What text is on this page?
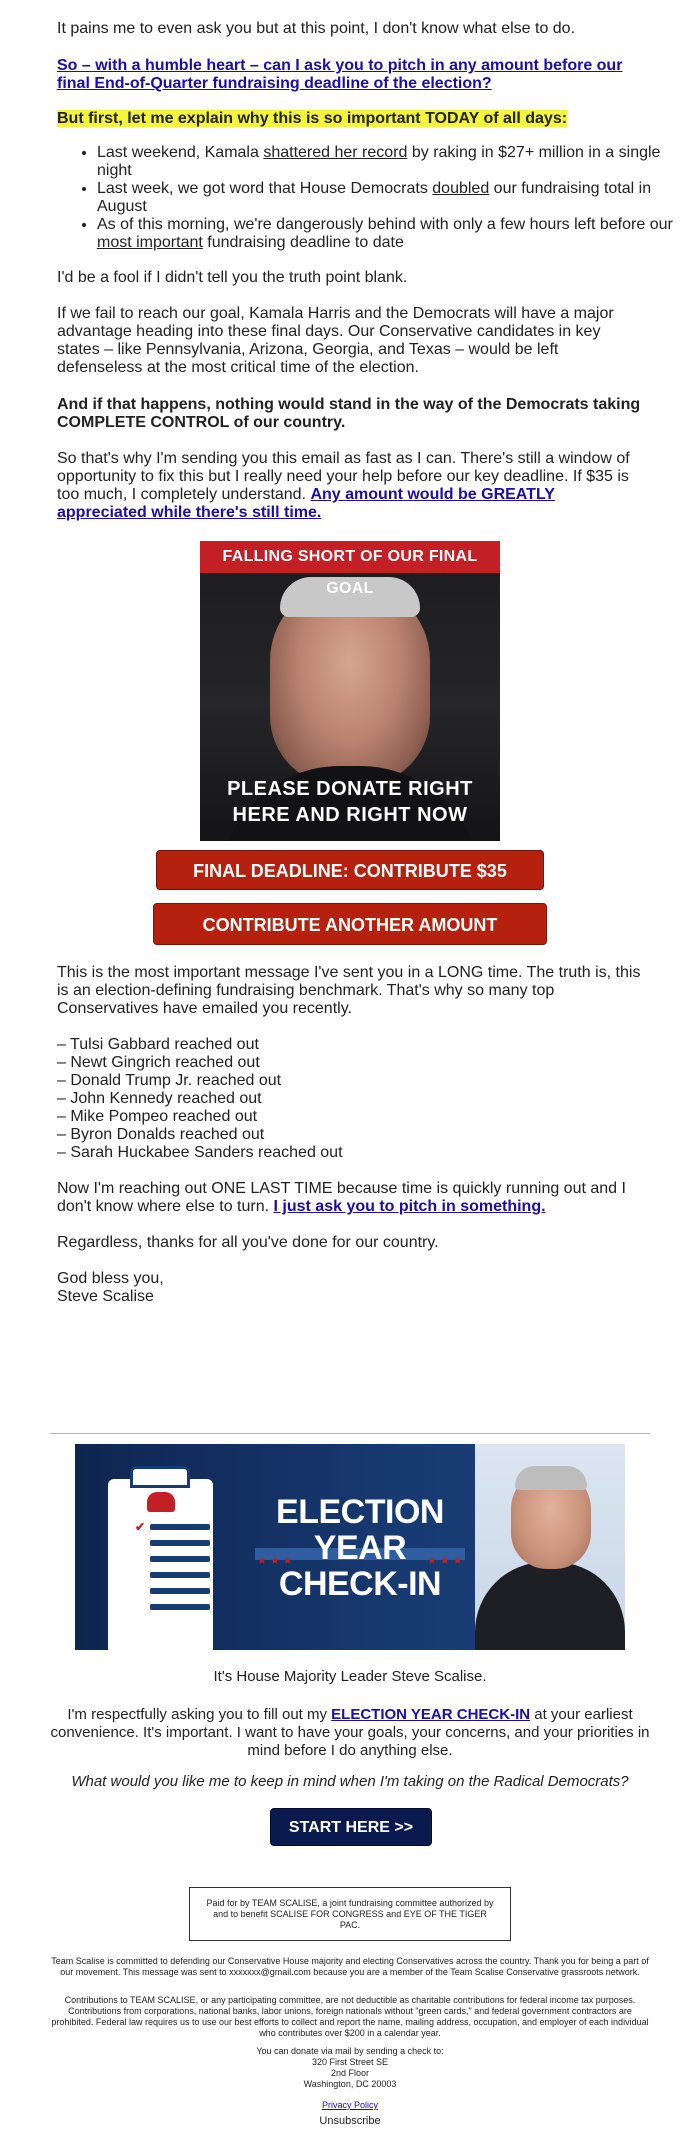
It pains me to even ask you but at this point, I don't know what else to do.

So – with a humble heart – can I ask you to pitch in any amount before our final End-of-Quarter fundraising deadline of the election?

But first, let me explain why this is so important TODAY of all days:

• Last weekend, Kamala shattered her record by raking in $27+ million in a single night
• Last week, we got word that House Democrats doubled our fundraising total in August
• As of this morning, we're dangerously behind with only a few hours left before our most important fundraising deadline to date

I'd be a fool if I didn't tell you the truth point blank.

If we fail to reach our goal, Kamala Harris and the Democrats will have a major advantage heading into these final days. Our Conservative candidates in key states – like Pennsylvania, Arizona, Georgia, and Texas – would be left defenseless at the most critical time of the election.

And if that happens, nothing would stand in the way of the Democrats taking COMPLETE CONTROL of our country.

So that's why I'm sending you this email as fast as I can. There's still a window of opportunity to fix this but I really need your help before our key deadline. If $35 is too much, I completely understand. Any amount would be GREATLY appreciated while there's still time.

FALLING SHORT OF OUR FINAL GOAL
PLEASE DONATE RIGHT
HERE AND RIGHT NOW
FINAL DEADLINE: CONTRIBUTE $35
CONTRIBUTE ANOTHER AMOUNT

This is the most important message I've sent you in a LONG time. The truth is, this is an election-defining fundraising benchmark. That's why so many top Conservatives have emailed you recently.

– Tulsi Gabbard reached out
– Newt Gingrich reached out
– Donald Trump Jr. reached out
– John Kennedy reached out
– Mike Pompeo reached out
– Byron Donalds reached out
– Sarah Huckabee Sanders reached out

Now I'm reaching out ONE LAST TIME because time is quickly running out and I don't know where else to turn. I just ask you to pitch in something.

Regardless, thanks for all you've done for our country.

God bless you,
Steve Scalise
✔	ELECTION YEAR
CHECK-IN
★★★	★★★

It's House Majority Leader Steve Scalise.

I'm respectfully asking you to fill out my ELECTION YEAR CHECK-IN at your earliest convenience. It's important. I want to have your goals, your concerns, and your priorities in mind before I do anything else.

What would you like me to keep in mind when I'm taking on the Radical Democrats?

START HERE >>
Paid for by TEAM SCALISE, a joint fundraising committee authorized by and to benefit SCALISE FOR CONGRESS and EYE OF THE TIGER PAC.

Team Scalise is committed to defending our Conservative House majority and electing Conservatives across the country. Thank you for being a part of our movement. This message was sent to xxxxxxx@gmail.com because you are a member of the Team Scalise Conservative grassroots network.

Contributions to TEAM SCALISE, or any participating committee, are not deductible as charitable contributions for federal income tax purposes. Contributions from corporations, national banks, labor unions, foreign nationals without "green cards," and federal government contractors are prohibited. Federal law requires us to use our best efforts to collect and report the name, mailing address, occupation, and employer of each individual who contributes over $200 in a calendar year.

You can donate via mail by sending a check to:
320 First Street SE
2nd Floor
Washington, DC 20003
Privacy Policy
Unsubscribe
